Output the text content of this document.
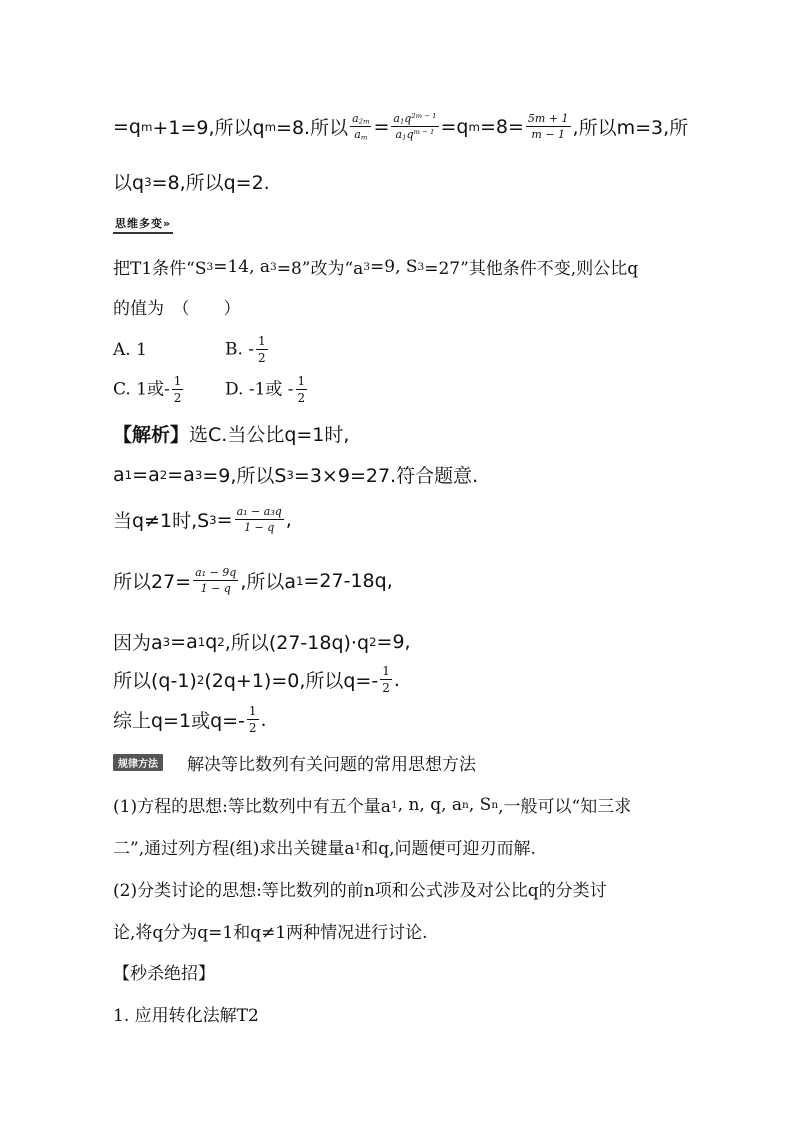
=q m +1=9,所以q m =8.所以 $\frac{a_{2m}}{a_m} = \frac{a_1q^{2m - 1}}{a_1q^{m - 1}} =q$ $m =8= \frac{5m + 1}{m - 1}$ ,所以m=3,所
以q 3 =8,所以q=2.
思维多变»
把T1条件“S 3 =14, a 3 =8”改为“a 3 =9, S 3 =27”其他条件不变,则公比q
的值为　（　　）
A. 1	B. - $\frac{1}{2}$
C. 1或- $\frac{1}{2} D$. -1或 - $\frac{1}{2}$
【解析】 选C.当公比q=1时,
a 1 =a 2 =a 3 =9,所以S 3 =3×9=27.符合题意.
当q≠1时,S $3 = \frac{\text{a₁ − a₃q}}{1 - q}$ ,
所以$27= \frac{\text{a₁ − 9q}}{1 - q}$ ,所以a 1 =27-18q,
因为a 3 =a 1 q 2 ,所以(27-18q)·q 2 =9,
所以(q-1) 2 (2q+1)=0,所以$q=- \frac{1}{2}$ .
综上q=1或$q=- \frac{1}{2}$ .
规律方法 解决等比数列有关问题的常用思想方法
(1)方程的思想:等比数列中有五个量a 1 , n, q, a n , S n ,一般可以“知三求
二”,通过列方程(组)求出关键量a 1 和q,问题便可迎刃而解.
(2)分类讨论的思想:等比数列的前n项和公式涉及对公比q的分类讨
论,将q分为q=1和q≠1两种情况进行讨论.
【秒杀绝招】
1. 应用转化法解T2
